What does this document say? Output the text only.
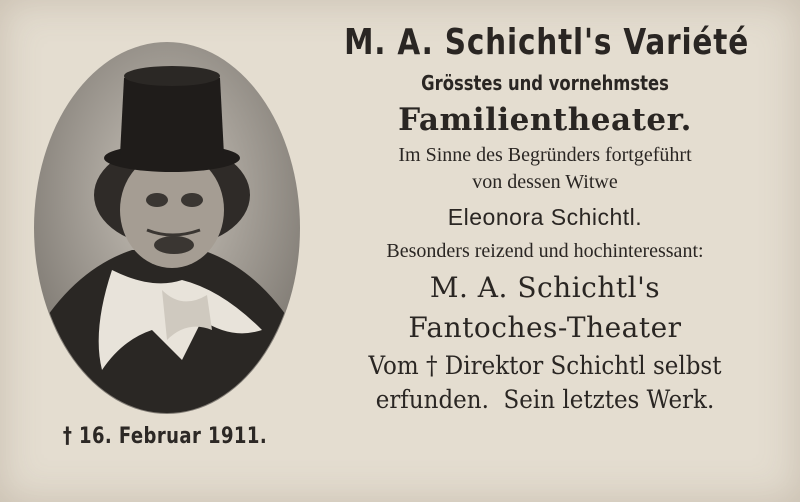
† 16. Februar 1911.
M. A. Schichtl's Variété
Grösstes und vornehmstes
Familientheater.
Im Sinne des Begründers fortgeführt
von dessen Witwe
Eleonora Schichtl.
Besonders reizend und hochinteressant:
M. A. Schichtl's
Fantoches-Theater
Vom † Direktor Schichtl selbst
erfunden.  Sein letztes Werk.
